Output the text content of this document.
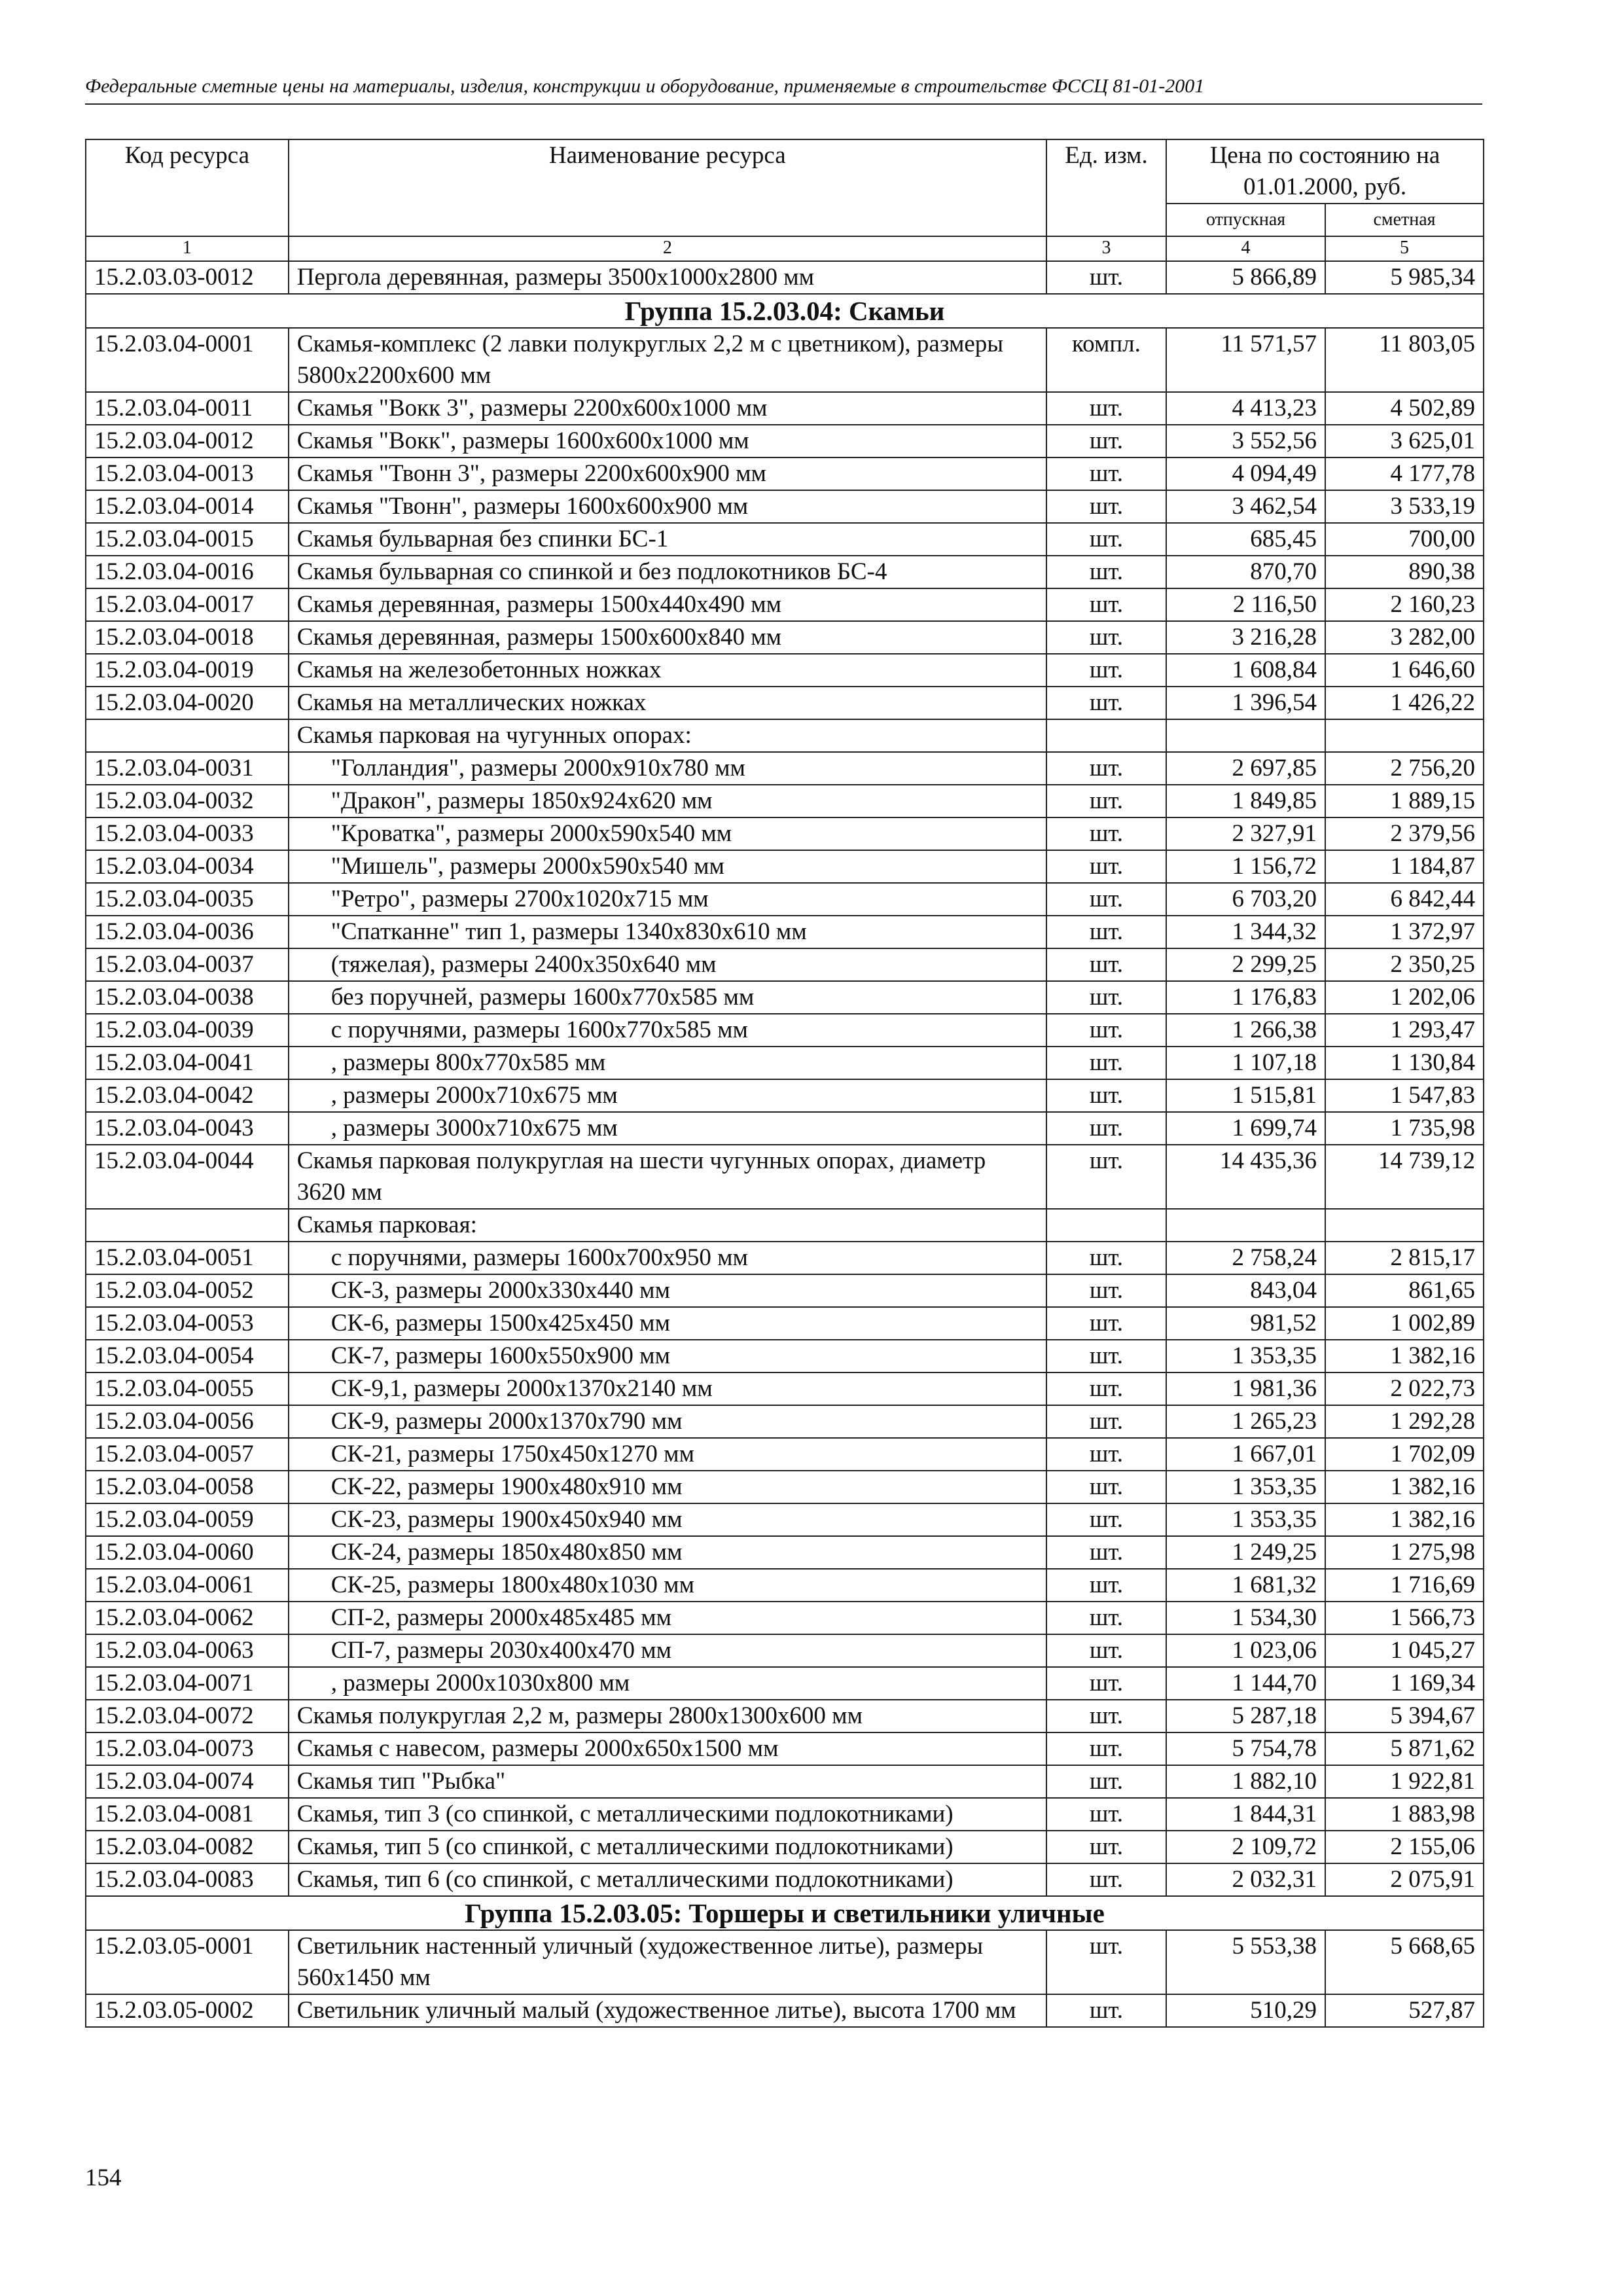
Федеральные сметные цены на материалы, изделия, конструкции и оборудование, применяемые в строительстве ФССЦ 81-01-2001
Код ресурса	Наименование ресурса	Ед. изм.	Цена по состоянию на 01.01.2000, руб.	
			отпускная	сметная
1	2	3	4	5
15.2.03.03-0012	Пергола деревянная, размеры 3500х1000х2800 мм	шт.	5 866,89	5 985,34
Группа 15.2.03.04: Скамьи				
15.2.03.04-0001	Скамья-комплекс (2 лавки полукруглых 2,2 м с цветником), размеры 5800х2200х600 мм	компл.	11 571,57	11 803,05
15.2.03.04-0011	Скамья "Вокк 3", размеры 2200х600х1000 мм	шт.	4 413,23	4 502,89
15.2.03.04-0012	Скамья "Вокк", размеры 1600х600х1000 мм	шт.	3 552,56	3 625,01
15.2.03.04-0013	Скамья "Твонн 3", размеры 2200х600х900 мм	шт.	4 094,49	4 177,78
15.2.03.04-0014	Скамья "Твонн", размеры 1600х600х900 мм	шт.	3 462,54	3 533,19
15.2.03.04-0015	Скамья бульварная без спинки БС-1	шт.	685,45	700,00
15.2.03.04-0016	Скамья бульварная со спинкой и без подлокотников БС-4	шт.	870,70	890,38
15.2.03.04-0017	Скамья деревянная, размеры 1500х440х490 мм	шт.	2 116,50	2 160,23
15.2.03.04-0018	Скамья деревянная, размеры 1500х600х840 мм	шт.	3 216,28	3 282,00
15.2.03.04-0019	Скамья на железобетонных ножках	шт.	1 608,84	1 646,60
15.2.03.04-0020	Скамья на металлических ножках	шт.	1 396,54	1 426,22
	Скамья парковая на чугунных опорах:			
15.2.03.04-0031	"Голландия", размеры 2000х910х780 мм	шт.	2 697,85	2 756,20
15.2.03.04-0032	"Дракон", размеры 1850х924х620 мм	шт.	1 849,85	1 889,15
15.2.03.04-0033	"Кроватка", размеры 2000х590х540 мм	шт.	2 327,91	2 379,56
15.2.03.04-0034	"Мишель", размеры 2000х590х540 мм	шт.	1 156,72	1 184,87
15.2.03.04-0035	"Ретро", размеры 2700х1020х715 мм	шт.	6 703,20	6 842,44
15.2.03.04-0036	"Спатканне" тип 1, размеры 1340х830х610 мм	шт.	1 344,32	1 372,97
15.2.03.04-0037	(тяжелая), размеры 2400х350х640 мм	шт.	2 299,25	2 350,25
15.2.03.04-0038	без поручней, размеры 1600х770х585 мм	шт.	1 176,83	1 202,06
15.2.03.04-0039	с поручнями, размеры 1600х770х585 мм	шт.	1 266,38	1 293,47
15.2.03.04-0041	, размеры 800х770х585 мм	шт.	1 107,18	1 130,84
15.2.03.04-0042	, размеры 2000х710х675 мм	шт.	1 515,81	1 547,83
15.2.03.04-0043	, размеры 3000х710х675 мм	шт.	1 699,74	1 735,98
15.2.03.04-0044	Скамья парковая полукруглая на шести чугунных опорах, диаметр 3620 мм	шт.	14 435,36	14 739,12
	Скамья парковая:			
15.2.03.04-0051	с поручнями, размеры 1600х700х950 мм	шт.	2 758,24	2 815,17
15.2.03.04-0052	СК-3, размеры 2000х330х440 мм	шт.	843,04	861,65
15.2.03.04-0053	СК-6, размеры 1500х425х450 мм	шт.	981,52	1 002,89
15.2.03.04-0054	СК-7, размеры 1600х550х900 мм	шт.	1 353,35	1 382,16
15.2.03.04-0055	СК-9,1, размеры 2000х1370х2140 мм	шт.	1 981,36	2 022,73
15.2.03.04-0056	СК-9, размеры 2000х1370х790 мм	шт.	1 265,23	1 292,28
15.2.03.04-0057	СК-21, размеры 1750х450х1270 мм	шт.	1 667,01	1 702,09
15.2.03.04-0058	СК-22, размеры 1900х480х910 мм	шт.	1 353,35	1 382,16
15.2.03.04-0059	СК-23, размеры 1900х450х940 мм	шт.	1 353,35	1 382,16
15.2.03.04-0060	СК-24, размеры 1850х480х850 мм	шт.	1 249,25	1 275,98
15.2.03.04-0061	СК-25, размеры 1800х480х1030 мм	шт.	1 681,32	1 716,69
15.2.03.04-0062	СП-2, размеры 2000х485х485 мм	шт.	1 534,30	1 566,73
15.2.03.04-0063	СП-7, размеры 2030х400х470 мм	шт.	1 023,06	1 045,27
15.2.03.04-0071	, размеры 2000х1030х800 мм	шт.	1 144,70	1 169,34
15.2.03.04-0072	Скамья полукруглая 2,2 м, размеры 2800х1300х600 мм	шт.	5 287,18	5 394,67
15.2.03.04-0073	Скамья с навесом, размеры 2000х650х1500 мм	шт.	5 754,78	5 871,62
15.2.03.04-0074	Скамья тип "Рыбка"	шт.	1 882,10	1 922,81
15.2.03.04-0081	Скамья, тип 3 (со спинкой, с металлическими подлокотниками)	шт.	1 844,31	1 883,98
15.2.03.04-0082	Скамья, тип 5 (со спинкой, с металлическими подлокотниками)	шт.	2 109,72	2 155,06
15.2.03.04-0083	Скамья, тип 6 (со спинкой, с металлическими подлокотниками)	шт.	2 032,31	2 075,91
Группа 15.2.03.05: Торшеры и светильники уличные				
15.2.03.05-0001	Светильник настенный уличный (художественное литье), размеры 560х1450 мм	шт.	5 553,38	5 668,65
15.2.03.05-0002	Светильник уличный малый (художественное литье), высота 1700 мм	шт.	510,29	527,87
154
